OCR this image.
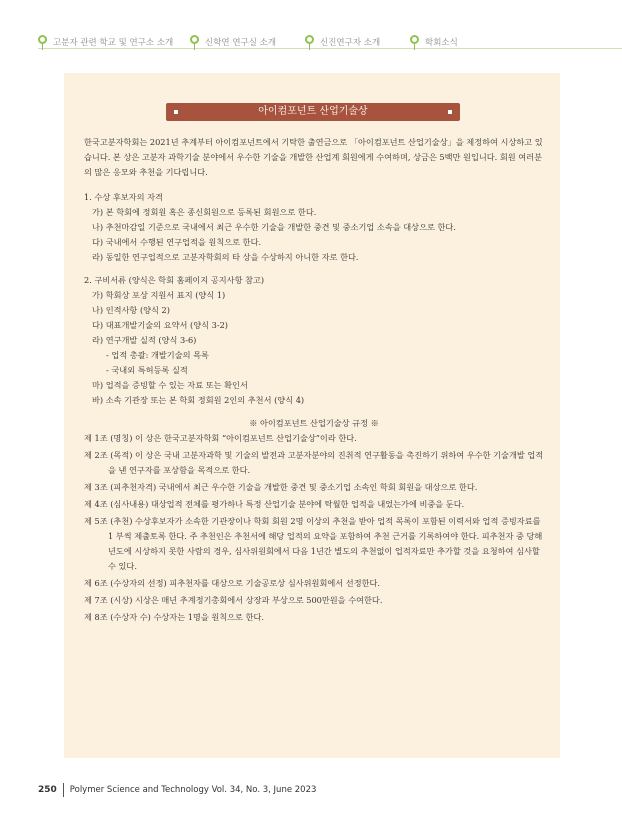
고분자 관련 학교 및 연구소 소개	신학연 연구실 소개	신진연구자 소개	학회소식
아이컴포넌트 산업기술상

한국고분자학회는 2021년 추계부터 아이컴포넌트에서 기탁한 출연금으로 「아이컴포넌트 산업기술상」을 제정하여 시상하고 있습니다. 본 상은 고분자 과학기술 분야에서 우수한 기술을 개발한 산업계 회원에게 수여하며, 상금은 5백만 원입니다. 회원 여러분의 많은 응모와 추천을 기다립니다.

1. 수상 후보자의 자격

가) 본 학회에 정회원 혹은 종신회원으로 등록된 회원으로 한다.

나) 추천마감일 기준으로 국내에서 최근 우수한 기술을 개발한 중견 및 중소기업 소속을 대상으로 한다.

다) 국내에서 수행된 연구업적을 원칙으로 한다.

라) 동일한 연구업적으로 고분자학회의 타 상을 수상하지 아니한 자로 한다.

2. 구비서류 (양식은 학회 홈페이지 공지사항 참고)

가) 학회상 포상 지원서 표지 (양식 1)

나) 인적사항 (양식 2)

다) 대표개발기술의 요약서 (양식 3-2)

라) 연구개발 실적 (양식 3-6)

- 업적 총괄: 개발기술의 목록

- 국내외 특허등록 실적

마) 업적을 증빙할 수 있는 자료 또는 확인서

바) 소속 기관장 또는 본 학회 정회원 2인의 추천서 (양식 4)

※ 아이컴포넌트 산업기술상 규정 ※

제 1조 (명칭) 이 상은 한국고분자학회 “아이컴포넌트 산업기술상”이라 한다.

제 2조 (목적) 이 상은 국내 고분자과학 및 기술의 발전과 고분자분야의 진취적 연구활동을 촉진하기 위하여 우수한 기술개발 업적을 낸 연구자를 포상함을 목적으로 한다.

제 3조 (피추천자격) 국내에서 최근 우수한 기술을 개발한 중견 및 중소기업 소속인 학회 회원을 대상으로 한다.

제 4조 (심사내용) 대상업적 전체를 평가하나 특정 산업기술 분야에 탁월한 업적을 내었는가에 비중을 둔다.

제 5조 (추천) 수상후보자가 소속한 기관장이나 학회 회원 2명 이상의 추천을 받아 업적 목록이 포함된 이력서와 업적 증빙자료를 1 부씩 제출토록 한다. 주 추천인은 추천서에 해당 업적의 요약을 포함하여 추천 근거를 기록하여야 한다. 피추천자 중 당해년도에 시상하지 못한 사람의 경우, 심사위원회에서 다음 1년간 별도의 추천없이 업적자료만 추가할 것을 요청하여 심사할 수 있다.

제 6조 (수상자의 선정) 피추천자를 대상으로 기술공로상 심사위원회에서 선정한다.

제 7조 (시상) 시상은 매년 추계정기총회에서 상장과 부상으로 500만원을 수여한다.

제 8조 (수상자 수) 수상자는 1명을 원칙으로 한다.

250 Polymer Science and Technology Vol. 34, No. 3, June 2023
